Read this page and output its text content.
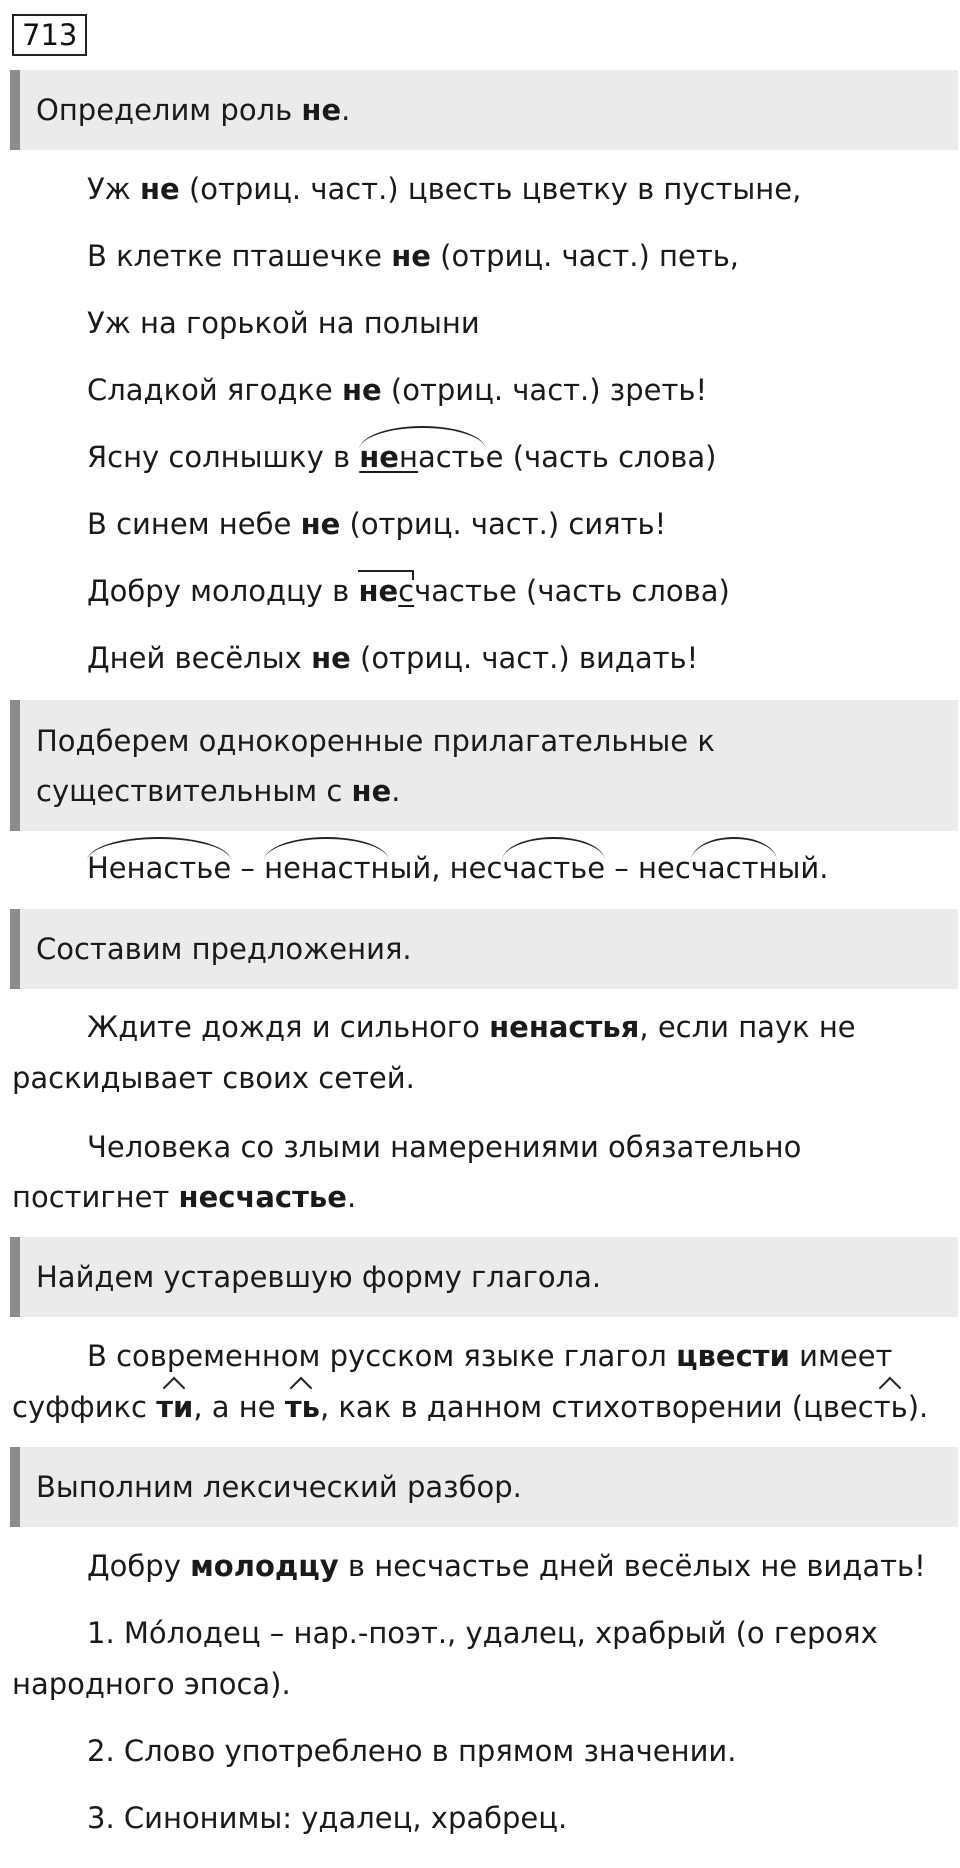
713
Определим роль не.
Уж не (отриц. част.) цвесть цветку в пустыне,
В клетке пташечке не (отриц. част.) петь,
Уж на горькой на полыни
Сладкой ягодке не (отриц. част.) зреть!
Ясну солнышку в
ненастье (часть слова)
В синем небе не (отриц. част.) сиять!
Добру молодцу в несчастье (часть слова)
Дней весёлых не (отриц. част.) видать!
Подберем однокоренные прилагательные к
существительным с не.
Ненастье –
ненастный, нес
частье – нес
частный.
Составим предложения.
Ждите дождя и сильного ненастья, если паук не
раскидывает своих сетей.
Человека со злыми намерениями обязательно
постигнет несчастье.
Найдем устаревшую форму глагола.
В современном русском языке глагол цвести имеет
суффикс ти, а не ть, как в данном стихотворении (цвесть).
Выполним лексический разбор.
Добру молодцу в несчастье дней весёлых не видать!
1. Мо́лодец – нар.-поэт., удалец, храбрый (о героях
народного эпоса).
2. Слово употреблено в прямом значении.
3. Синонимы: удалец, храбрец.
